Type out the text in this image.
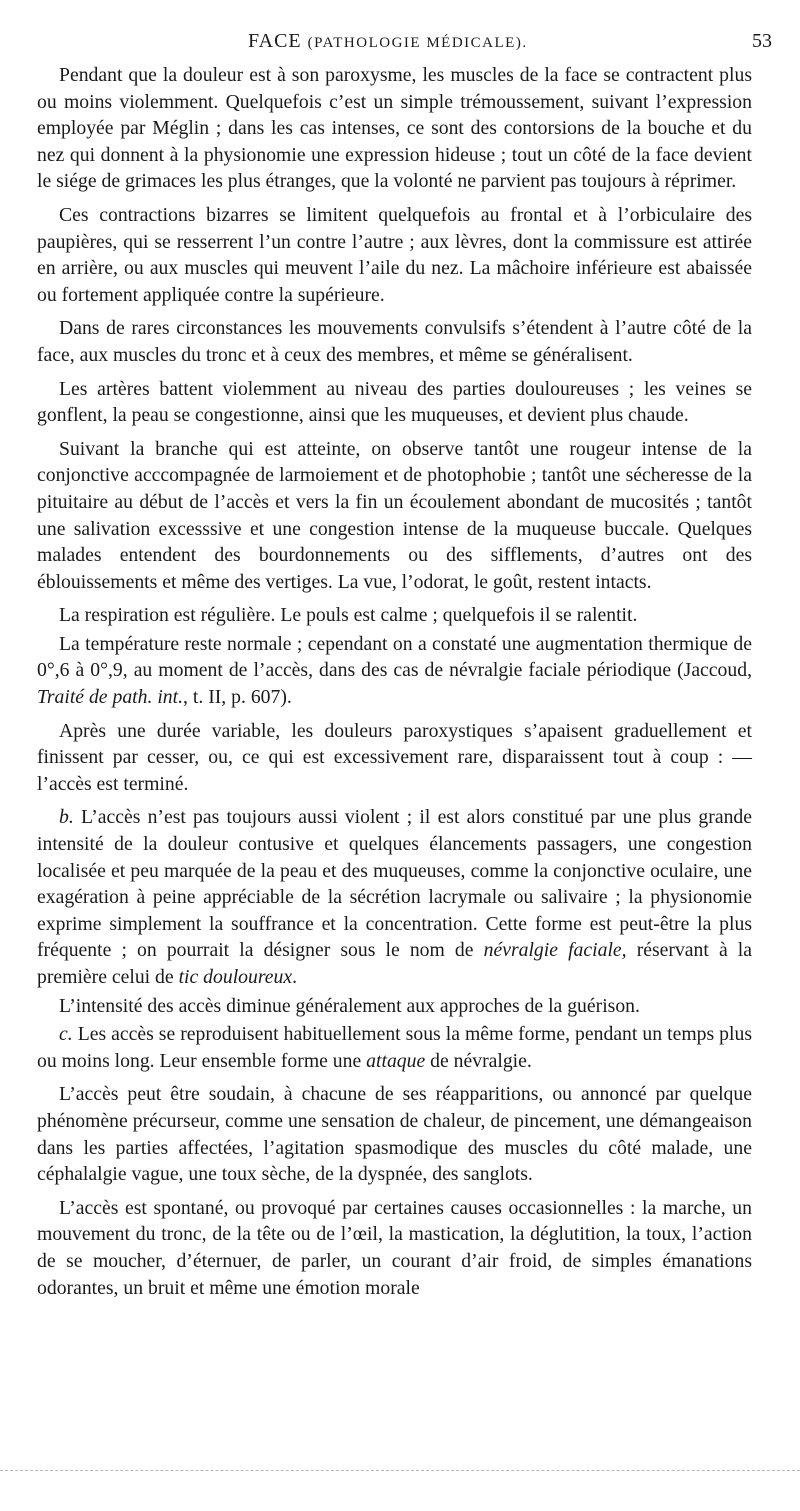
FACE (PATHOLOGIE MÉDICALE).	53

Pendant que la douleur est à son paroxysme, les muscles de la face se contractent plus ou moins violemment. Quelquefois c’est un simple trémoussement, suivant l’expression employée par Méglin ; dans les cas intenses, ce sont des contorsions de la bouche et du nez qui donnent à la physionomie une expression hideuse ; tout un côté de la face devient le siége de grimaces les plus étranges, que la volonté ne parvient pas toujours à réprimer.

Ces contractions bizarres se limitent quelquefois au frontal et à l’orbiculaire des paupières, qui se resserrent l’un contre l’autre ; aux lèvres, dont la commissure est attirée en arrière, ou aux muscles qui meuvent l’aile du nez. La mâchoire inférieure est abaissée ou fortement appliquée contre la supérieure.

Dans de rares circonstances les mouvements convulsifs s’étendent à l’autre côté de la face, aux muscles du tronc et à ceux des membres, et même se généralisent.

Les artères battent violemment au niveau des parties douloureuses ; les veines se gonflent, la peau se congestionne, ainsi que les muqueuses, et devient plus chaude.

Suivant la branche qui est atteinte, on observe tantôt une rougeur intense de la conjonctive acccompagnée de larmoiement et de photophobie ; tantôt une sécheresse de la pituitaire au début de l’accès et vers la fin un écoulement abondant de mucosités ; tantôt une salivation excesssive et une congestion intense de la muqueuse buccale. Quelques malades entendent des bourdonnements ou des sifflements, d’autres ont des éblouissements et même des vertiges. La vue, l’odorat, le goût, restent intacts.

La respiration est régulière. Le pouls est calme ; quelquefois il se ralentit.

La température reste normale ; cependant on a constaté une augmentation thermique de 0°,6 à 0°,9, au moment de l’accès, dans des cas de névralgie faciale périodique (Jaccoud, Traité de path. int., t. II, p. 607).

Après une durée variable, les douleurs paroxystiques s’apaisent graduellement et finissent par cesser, ou, ce qui est excessivement rare, disparaissent tout à coup : — l’accès est terminé.

b. L’accès n’est pas toujours aussi violent ; il est alors constitué par une plus grande intensité de la douleur contusive et quelques élancements passagers, une congestion localisée et peu marquée de la peau et des muqueuses, comme la conjonctive oculaire, une exagération à peine appréciable de la sécrétion lacrymale ou salivaire ; la physionomie exprime simplement la souffrance et la concentration. Cette forme est peut-être la plus fréquente ; on pourrait la désigner sous le nom de névralgie faciale, réservant à la première celui de tic douloureux.

L’intensité des accès diminue généralement aux approches de la guérison.

c. Les accès se reproduisent habituellement sous la même forme, pendant un temps plus ou moins long. Leur ensemble forme une attaque de névralgie.

L’accès peut être soudain, à chacune de ses réapparitions, ou annoncé par quelque phénomène précurseur, comme une sensation de chaleur, de pincement, une démangeaison dans les parties affectées, l’agitation spasmodique des muscles du côté malade, une céphalalgie vague, une toux sèche, de la dyspnée, des sanglots.

L’accès est spontané, ou provoqué par certaines causes occasionnelles : la marche, un mouvement du tronc, de la tête ou de l’œil, la mastication, la déglutition, la toux, l’action de se moucher, d’éternuer, de parler, un courant d’air froid, de simples émanations odorantes, un bruit et même une émotion morale
